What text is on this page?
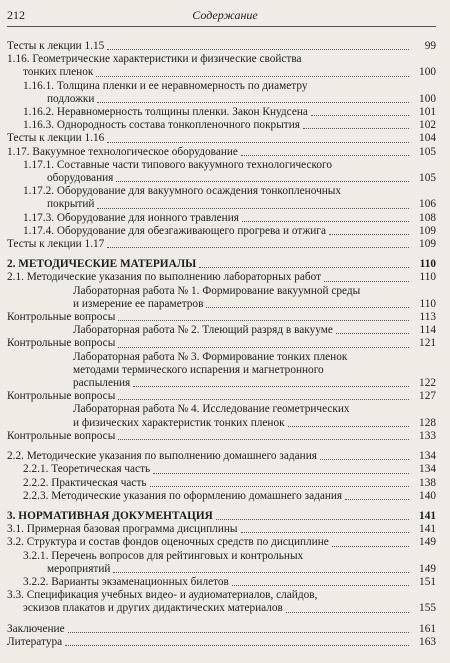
212	Содержание
Тесты к лекции 1.15	99
1.16. Геометрические характеристики и физические свойства
тонких пленок	100
1.16.1. Толщина пленки и ее неравномерность по диаметру
подложки	100
1.16.2. Неравномерность толщины пленки. Закон Кнудсена	101
1.16.3. Однородность состава тонкопленочного покрытия	102
Тесты к лекции 1.16	104
1.17. Вакуумное технологическое оборудование	105
1.17.1. Составные части типового вакуумного технологического
оборудования	105
1.17.2. Оборудование для вакуумного осаждения тонкопленочных
покрытий	106
1.17.3. Оборудование для ионного травления	108
1.17.4. Оборудование для обезгаживающего прогрева и отжига	109
Тесты к лекции 1.17	109
2. МЕТОДИЧЕСКИЕ МАТЕРИАЛЫ	110
2.1. Методические указания по выполнению лабораторных работ	110
Лабораторная работа № 1. Формирование вакуумной среды
и измерение ее параметров	110
Контрольные вопросы	113
Лабораторная работа № 2. Тлеющий разряд в вакууме	114
Контрольные вопросы	121
Лабораторная работа № 3. Формирование тонких пленок
методами термического испарения и магнетронного
распыления	122
Контрольные вопросы	127
Лабораторная работа № 4. Исследование геометрических
и физических характеристик тонких пленок	128
Контрольные вопросы	133
2.2. Методические указания по выполнению домашнего задания	134
2.2.1. Теоретическая часть	134
2.2.2. Практическая часть	138
2.2.3. Методические указания по оформлению домашнего задания	140
3. НОРМАТИВНАЯ ДОКУМЕНТАЦИЯ	141
3.1. Примерная базовая программа дисциплины	141
3.2. Структура и состав фондов оценочных средств по дисциплине	149
3.2.1. Перечень вопросов для рейтинговых и контрольных
мероприятий	149
3.2.2. Варианты экзаменационных билетов	151
3.3. Спецификация учебных видео- и аудиоматериалов, слайдов,
эскизов плакатов и других дидактических материалов	155
Заключение	161
Литература	163
